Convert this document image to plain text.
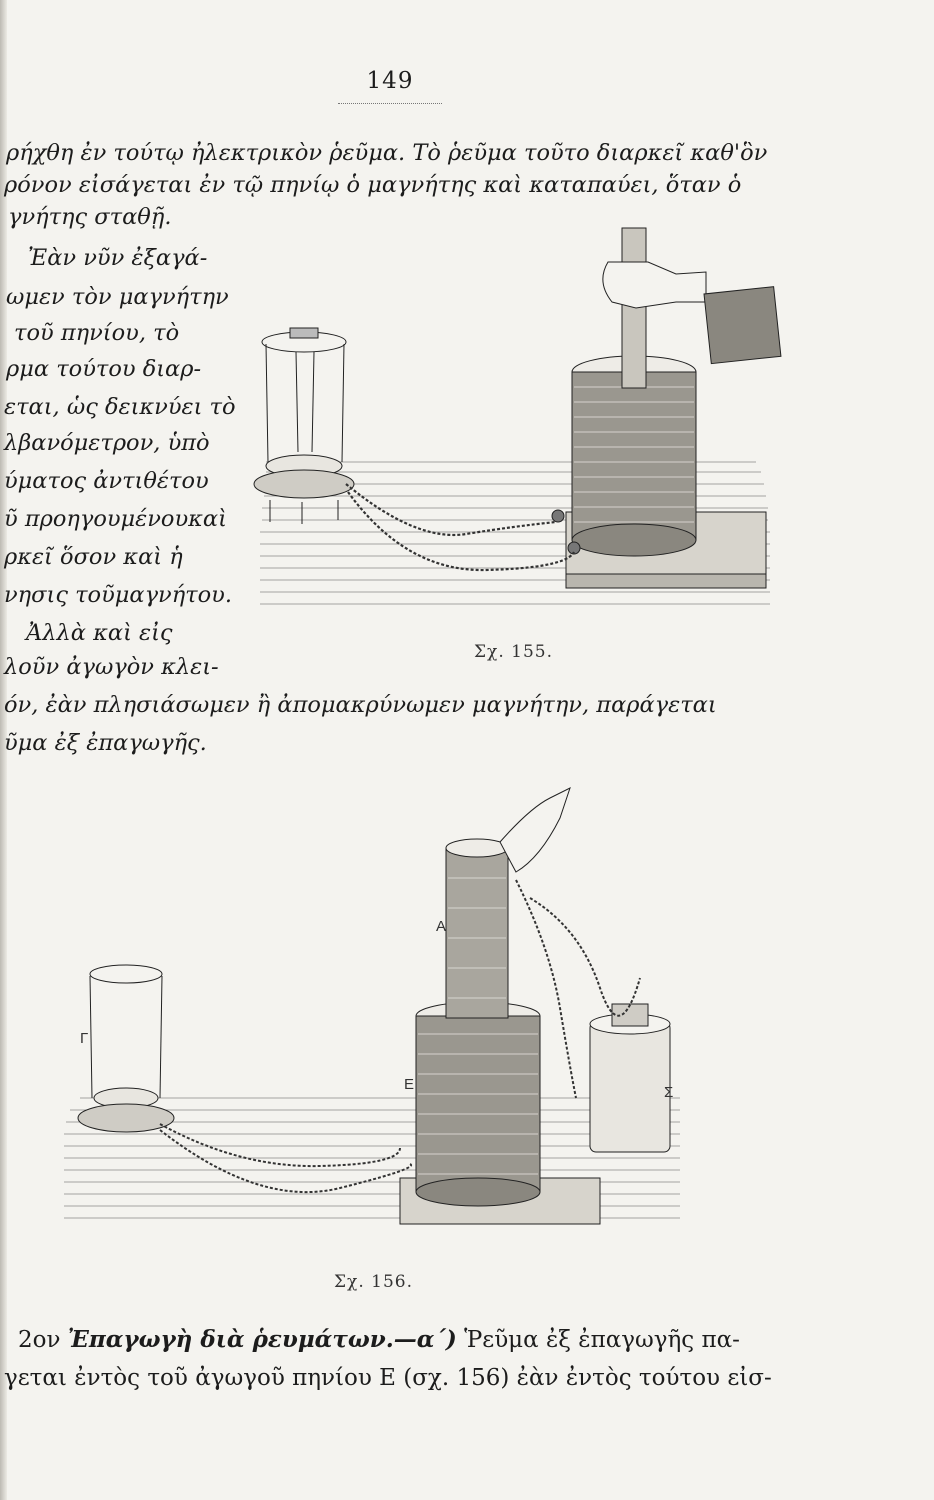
149
ρήχθη ἐν τούτῳ ἠλεκτρικὸν ῥεῦμα. Τὸ ῥεῦμα τοῦτο διαρκεῖ καθ'ὃν
ρόνον εἰσάγεται ἐν τῷ πηνίῳ ὁ μαγνήτης καὶ καταπαύει, ὅταν ὁ
γνήτης σταθῇ.
Ἐὰν νῦν ἐξαγά-
ωμεν τὸν μαγνήτην
τοῦ πηνίου, τὸ
ρμα τούτου διαρ-
εται, ὡς δεικνύει τὸ
λβανόμετρον, ὑπὸ
ύματος ἀντιθέτου
ῦ προηγουμένουκαὶ
ρκεῖ ὅσον καὶ ἡ
νησις τοῦμαγνήτου.
Ἀλλὰ καὶ εἰς
λοῦν ἀγωγὸν κλει-
Σχ. 155.
όν, ἐὰν πλησιάσωμεν ἢ ἀπομακρύνωμεν μαγνήτην, παράγεται
ῦμα ἐξ ἐπαγωγῆς.
Α
Γ
Ε	Σ
Σχ. 156.
2ον Ἐπαγωγὴ διὰ ῥευμάτων.—α΄) Ῥεῦμα ἐξ ἐπαγωγῆς πα-
γεται ἐντὸς τοῦ ἀγωγοῦ πηνίου Ε (σχ. 156) ἐὰν ἐντὸς τούτου εἰσ-
